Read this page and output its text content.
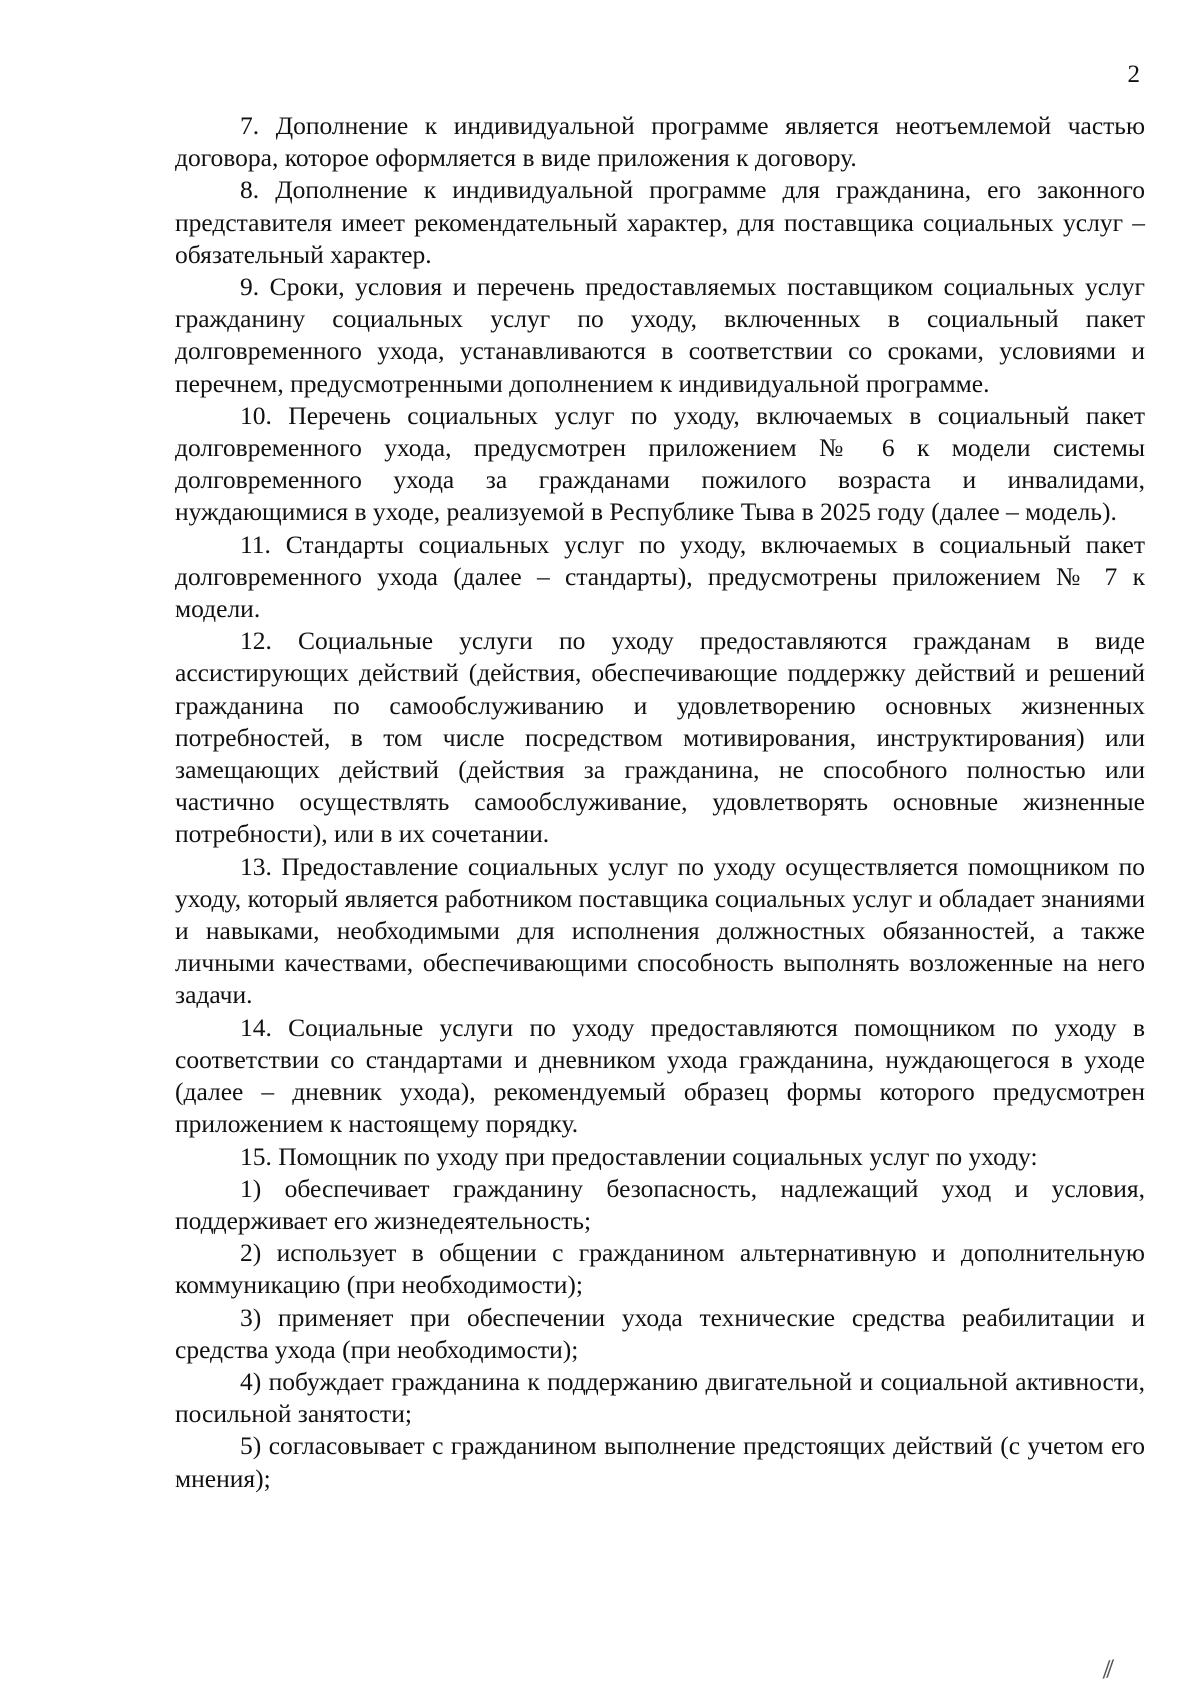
2

7. Дополнение к индивидуальной программе является неотъемлемой частью договора, которое оформляется в виде приложения к договору.

8. Дополнение к индивидуальной программе для гражданина, его законного представителя имеет рекомендательный характер, для поставщика социальных услуг – обязательный характер.

9. Сроки, условия и перечень предоставляемых поставщиком социальных услуг гражданину социальных услуг по уходу, включенных в социальный пакет долговременного ухода, устанавливаются в соответствии со сроками, условиями и перечнем, предусмотренными дополнением к индивидуальной программе.

10. Перечень социальных услуг по уходу, включаемых в социальный пакет долговременного ухода, предусмотрен приложением № 6 к модели системы долговременного ухода за гражданами пожилого возраста и инвалидами, нуждающимися в уходе, реализуемой в Республике Тыва в 2025 году (далее – модель).

11. Стандарты социальных услуг по уходу, включаемых в социальный пакет долговременного ухода (далее – стандарты), предусмотрены приложением № 7 к модели.

12. Социальные услуги по уходу предоставляются гражданам в виде ассистирующих действий (действия, обеспечивающие поддержку действий и решений гражданина по самообслуживанию и удовлетворению основных жизненных потребностей, в том числе посредством мотивирования, инструктирования) или замещающих действий (действия за гражданина, не способного полностью или частично осуществлять самообслуживание, удовлетворять основные жизненные потребности), или в их сочетании.

13. Предоставление социальных услуг по уходу осуществляется помощником по уходу, который является работником поставщика социальных услуг и обладает знаниями и навыками, необходимыми для исполнения должностных обязанностей, а также личными качествами, обеспечивающими способность выполнять возложенные на него задачи.

14. Социальные услуги по уходу предоставляются помощником по уходу в соответствии со стандартами и дневником ухода гражданина, нуждающегося в уходе (далее – дневник ухода), рекомендуемый образец формы которого предусмотрен приложением к настоящему порядку.

15. Помощник по уходу при предоставлении социальных услуг по уходу:

1) обеспечивает гражданину безопасность, надлежащий уход и условия, поддерживает его жизнедеятельность;

2) использует в общении с гражданином альтернативную и дополнительную коммуникацию (при необходимости);

3) применяет при обеспечении ухода технические средства реабилитации и средства ухода (при необходимости);

4) побуждает гражданина к поддержанию двигательной и социальной активности, посильной занятости;

5) согласовывает с гражданином выполнение предстоящих действий (с учетом его мнения);

⁄⁄
